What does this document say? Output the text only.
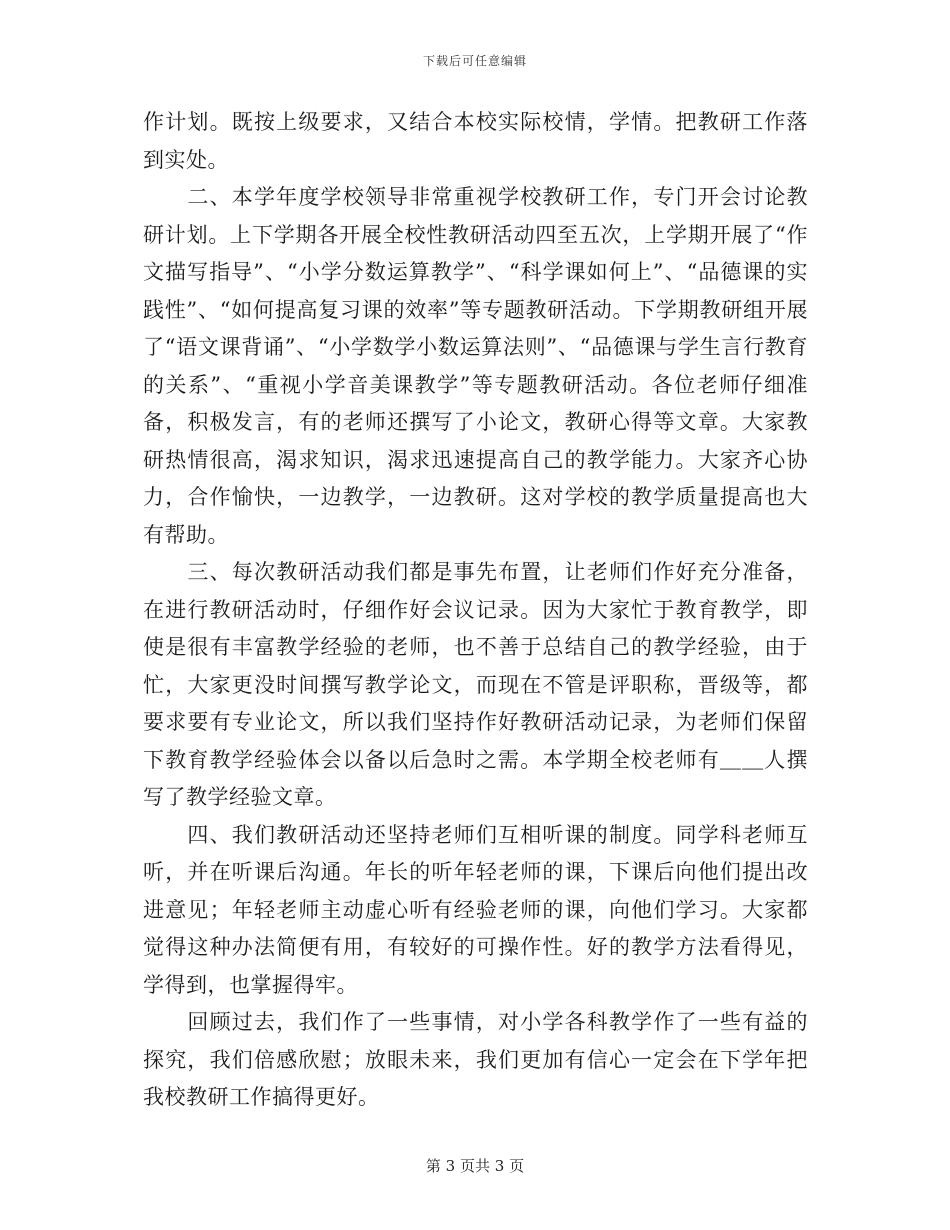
下载后可任意编辑

作计划。既按上级要求，又结合本校实际校情，学情。把教研工作落到实处。

　　二、本学年度学校领导非常重视学校教研工作，专门开会讨论教研计划。上下学期各开展全校性教研活动四至五次，上学期开展了“作文描写指导”、“小学分数运算教学”、“科学课如何上”、“品德课的实践性”、“如何提高复习课的效率”等专题教研活动。下学期教研组开展了“语文课背诵”、“小学数学小数运算法则”、“品德课与学生言行教育的关系”、“重视小学音美课教学”等专题教研活动。各位老师仔细准备，积极发言，有的老师还撰写了小论文，教研心得等文章。大家教研热情很高，渴求知识，渴求迅速提高自己的教学能力。大家齐心协力，合作愉快，一边教学，一边教研。这对学校的教学质量提高也大有帮助。

　　三、每次教研活动我们都是事先布置，让老师们作好充分准备，在进行教研活动时，仔细作好会议记录。因为大家忙于教育教学，即使是很有丰富教学经验的老师，也不善于总结自己的教学经验，由于忙，大家更没时间撰写教学论文，而现在不管是评职称，晋级等，都要求要有专业论文，所以我们坚持作好教研活动记录，为老师们保留下教育教学经验体会以备以后急时之需。本学期全校老师有＿＿人撰写了教学经验文章。

　　四、我们教研活动还坚持老师们互相听课的制度。同学科老师互听，并在听课后沟通。年长的听年轻老师的课，下课后向他们提出改进意见；年轻老师主动虚心听有经验老师的课，向他们学习。大家都觉得这种办法简便有用，有较好的可操作性。好的教学方法看得见，学得到，也掌握得牢。

　　回顾过去，我们作了一些事情，对小学各科教学作了一些有益的探究，我们倍感欣慰；放眼未来，我们更加有信心一定会在下学年把我校教研工作搞得更好。

第 3 页共 3 页
